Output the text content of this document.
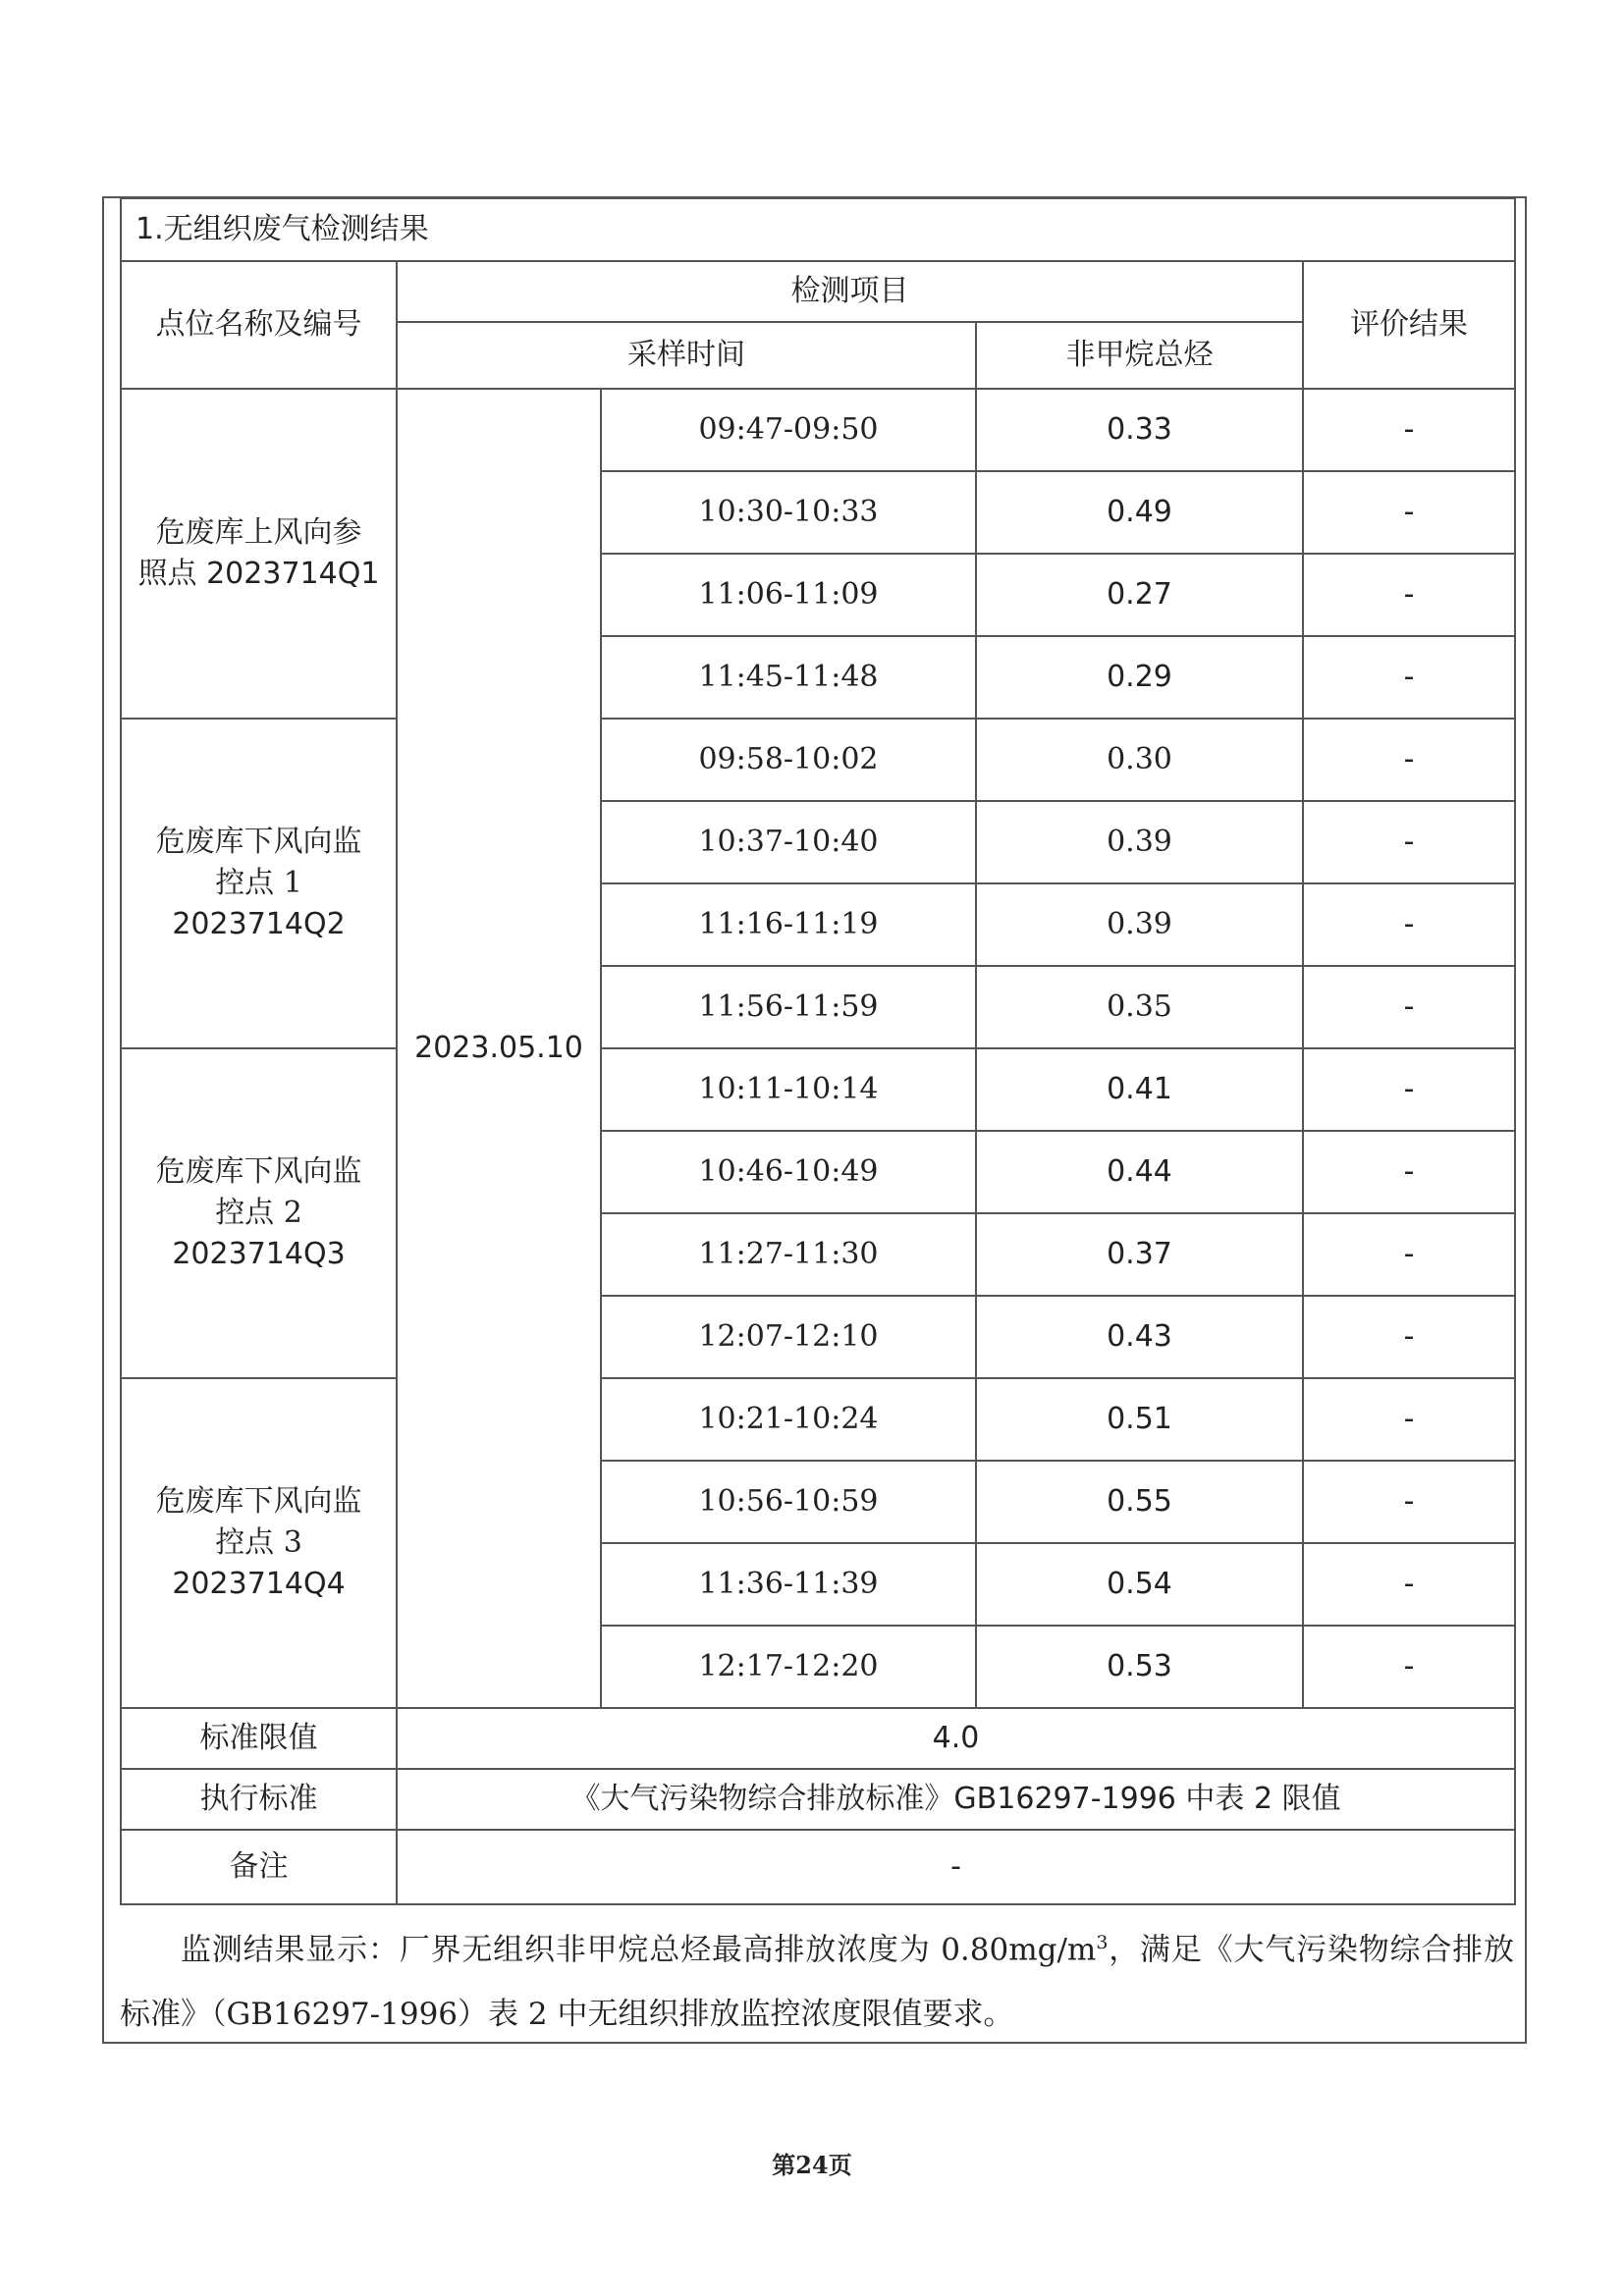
1.无组织废气检测结果				
点位名称及编号	检测项目			评价结果
	采样时间		非甲烷总烃	

危废库上风向参
照点 2023714Q1	2023.05.10	09:47-09:50	0.33	-
		10:30-10:33	0.49	-
		11:06-11:09	0.27	-
		11:45-11:48	0.29	-

危废库下风向监
控点 1
2023714Q2		09:58-10:02	0.30	-
		10:37-10:40	0.39	-
		11:16-11:19	0.39	-
		11:56-11:59	0.35	-

危废库下风向监
控点 2
2023714Q3		10:11-10:14	0.41	-
		10:46-10:49	0.44	-
		11:27-11:30	0.37	-
		12:07-12:10	0.43	-

危废库下风向监
控点 3
2023714Q4		10:21-10:24	0.51	-
		10:56-10:59	0.55	-
		11:36-11:39	0.54	-
		12:17-12:20	0.53	-
标准限值	4.0			
执行标准	《大气污染物综合排放标准》GB16297-1996 中表 2 限值			
备注	-			
监测结果显示：厂界无组织非甲烷总烃最高排放浓度为 $0.80mg/m^3$，满足《大气污染物综合排放标准》（GB16297-1996）表 2 中无组织排放监控浓度限值要求。
第24页
